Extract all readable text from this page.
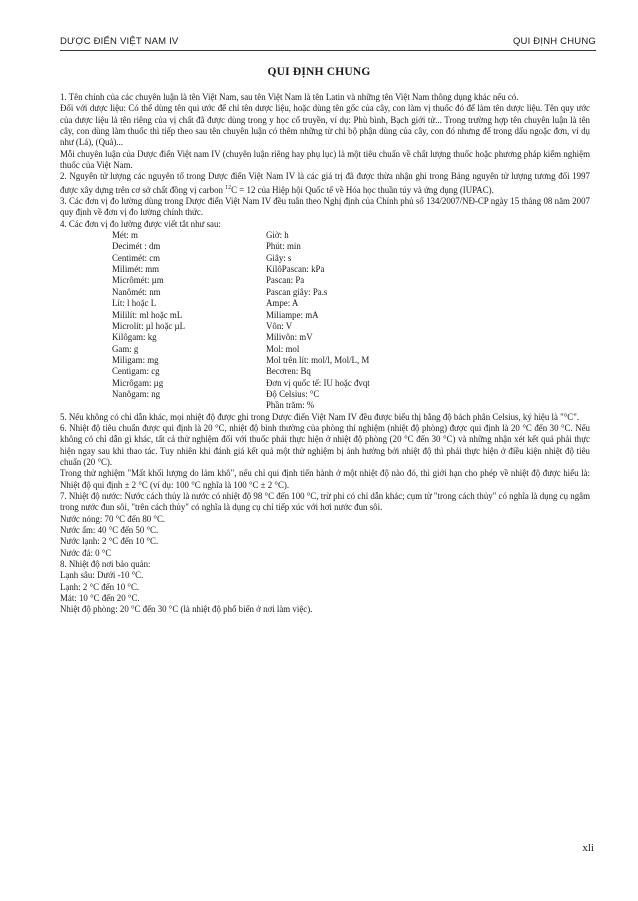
DƯỢC ĐIỂN VIỆT NAM IV	QUI ĐỊNH CHUNG
QUI ĐỊNH CHUNG

1. Tên chính của các chuyên luận là tên Việt Nam, sau tên Việt Nam là tên Latin và những tên Việt Nam thông dụng khác nếu có.

Đối với dược liệu: Có thể dùng tên qui ước để chỉ tên dược liệu, hoặc dùng tên gốc của cây, con làm vị thuốc đó để làm tên dược liệu. Tên quy ước của dược liệu là tên riêng của vị chất đã được dùng trong y học cổ truyền, ví dụ: Phù bình, Bạch giới tử... Trong trường hợp tên chuyên luận là tên cây, con dùng làm thuốc thì tiếp theo sau tên chuyên luận có thêm những từ chỉ bộ phận dùng của cây, con đó nhưng để trong dấu ngoặc đơn, ví dụ như (Lá), (Quả)...

Mỗi chuyên luận của Dược điển Việt nam IV (chuyên luận riêng hay phụ lục) là một tiêu chuẩn về chất lượng thuốc hoặc phương pháp kiểm nghiệm thuốc của Việt Nam.

2. Nguyên tử lượng các nguyên tố trong Dược điển Việt Nam IV là các giá trị đã được thừa nhận ghi trong Bảng nguyên tử lượng tương đối 1997 được xây dựng trên cơ sở chất đồng vị carbon $^{12}$C = 12 của Hiệp hội Quốc tế về Hóa học thuần túy và ứng dụng (IUPAC).

3. Các đơn vị đo lường dùng trong Dược điển Việt Nam IV đều tuân theo Nghị định của Chính phủ số 134/2007/NĐ-CP ngày 15 tháng 08 năm 2007 quy định về đơn vị đo lường chính thức.

4. Các đơn vị đo lường được viết tắt như sau:

Mét: m	Giờ: h
Decimét : dm	Phút: min
Centimét: cm	Giây: s
Milimét: mm	KilôPascan: kPa
Micrômét: µm	Pascan: Pa
Nanômét: nm	Pascan giây: Pa.s
Lít: l hoặc L	Ampe: A
Mililít: ml hoặc mL	Miliampe: mA
Microlít: µl hoặc µL	Vôn: V
Kilôgam: kg	Milivôn: mV
Gam: g	Mol: mol
Miligam: mg	Mol trên lít: mol/l, Mol/L, M
Centigam: cg	Becơren: Bq
Micrôgam: µg	Đơn vị quốc tế: IU hoặc đvqt
Nanôgam: ng	Độ Celsius: °C
	Phần trăm: %

5. Nếu không có chỉ dẫn khác, mọi nhiệt độ được ghi trong Dược điển Việt Nam IV đều được biểu thị bằng độ bách phân Celsius, ký hiệu là "°C".

6. Nhiệt độ tiêu chuẩn được qui định là 20 °C, nhiệt độ bình thường của phòng thí nghiệm (nhiệt độ phòng) được qui định là 20 °C đến 30 °C. Nếu không có chỉ dẫn gì khác, tất cả thử nghiệm đối với thuốc phải thực hiện ở nhiệt độ phòng (20 °C đến 30 °C) và những nhận xét kết quả phải thực hiện ngay sau khi thao tác. Tuy nhiên khi đánh giá kết quả một thử nghiệm bị ảnh hưởng bởi nhiệt độ thì phải thực hiện ở điều kiện nhiệt độ tiêu chuẩn (20 °C).

Trong thử nghiệm "Mất khối lượng do làm khô", nếu chỉ qui định tiến hành ở một nhiệt độ nào đó, thì giới hạn cho phép về nhiệt độ được hiểu là: Nhiệt độ qui định ± 2 °C (ví dụ: 100 °C nghĩa là 100 °C ± 2 °C).

7. Nhiệt độ nước: Nước cách thủy là nước có nhiệt độ 98 °C đến 100 °C, trừ phi có chỉ dẫn khác; cụm từ "trong cách thủy" có nghĩa là dụng cụ ngâm trong nước đun sôi, "trên cách thủy" có nghĩa là dụng cụ chỉ tiếp xúc với hơi nước đun sôi.

Nước nóng: 70 °C đến 80 °C.

Nước ấm: 40 °C đến 50 °C.

Nước lạnh: 2 °C đến 10 °C.

Nước đá: 0 °C

8. Nhiệt độ nơi bảo quản:

Lạnh sâu: Dưới -10 °C.

Lạnh: 2 °C đến 10 °C.

Mát: 10 °C đến 20 °C.

Nhiệt độ phòng: 20 °C đến 30 °C (là nhiệt độ phổ biến ở nơi làm việc).

xli
